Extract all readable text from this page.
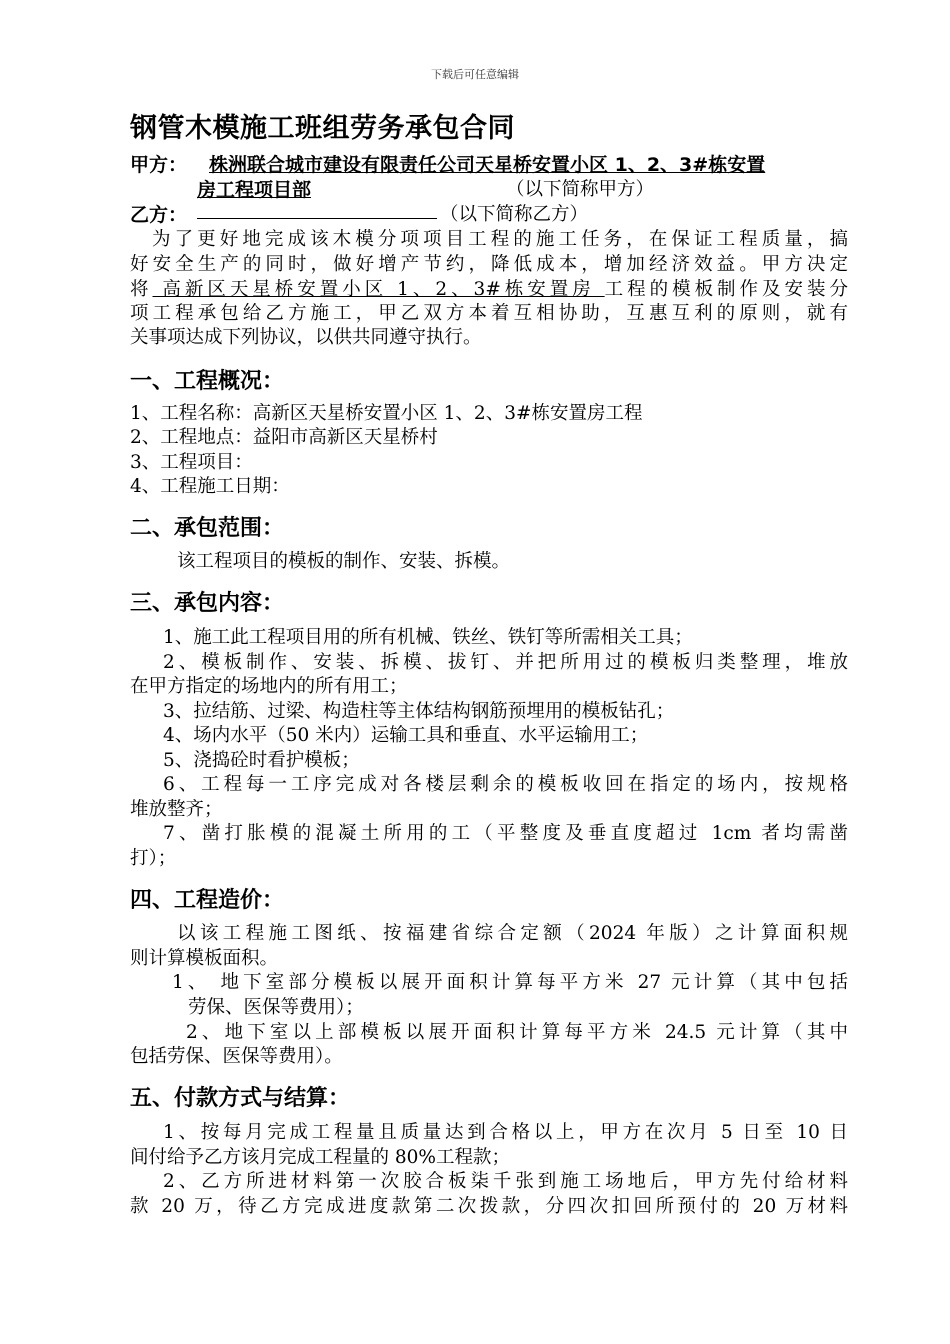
下载后可任意编辑
钢管木模施工班组劳务承包合同
甲方：	株洲联合城市建设有限责任公司天星桥安置小区 1、2、3#栋安置
房工程项目部	（以下简称甲方）
乙方：	（以下简称乙方）
为了更好地完成该木模分项项目工程的施工任务，在保证工程质量，搞
好安全生产的同时，做好增产节约，降低成本，增加经济效益。甲方决定
将 高新区天星桥安置小区 1、2、3#栋安置房 工程的模板制作及安装分
项工程承包给乙方施工，甲乙双方本着互相协助，互惠互利的原则，就有
关事项达成下列协议，以供共同遵守执行。
一、工程概况：
1、工程名称：高新区天星桥安置小区 1、2、3#栋安置房工程
2、工程地点：益阳市高新区天星桥村
3、工程项目：
4、工程施工日期：
二、承包范围：
该工程项目的模板的制作、安装、拆模。
三、承包内容：
1、施工此工程项目用的所有机械、铁丝、铁钉等所需相关工具；
2、模板制作、安装、拆模、拔钉、并把所用过的模板归类整理，堆放
在甲方指定的场地内的所有用工；
3、拉结筋、过梁、构造柱等主体结构钢筋预埋用的模板钻孔；
4、场内水平（50 米内）运输工具和垂直、水平运输用工；
5、浇捣砼时看护模板；
6、工程每一工序完成对各楼层剩余的模板收回在指定的场内，按规格
堆放整齐；
7、凿打胀模的混凝土所用的工（平整度及垂直度超过 1cm 者均需凿
打）；
四、工程造价：
以该工程施工图纸、按福建省综合定额（2024 年版）之计算面积规
则计算模板面积。
1、 地下室部分模板以展开面积计算每平方米 27 元计算（其中包括
劳保、医保等费用）；
2、地下室以上部模板以展开面积计算每平方米 24.5 元计算（其中
包括劳保、医保等费用）。
五、付款方式与结算：
1、按每月完成工程量且质量达到合格以上，甲方在次月 5 日至 10 日
间付给予乙方该月完成工程量的 80%工程款；
2、乙方所进材料第一次胶合板柒千张到施工场地后，甲方先付给材料
款 20 万，待乙方完成进度款第二次拨款，分四次扣回所预付的 20 万材料
